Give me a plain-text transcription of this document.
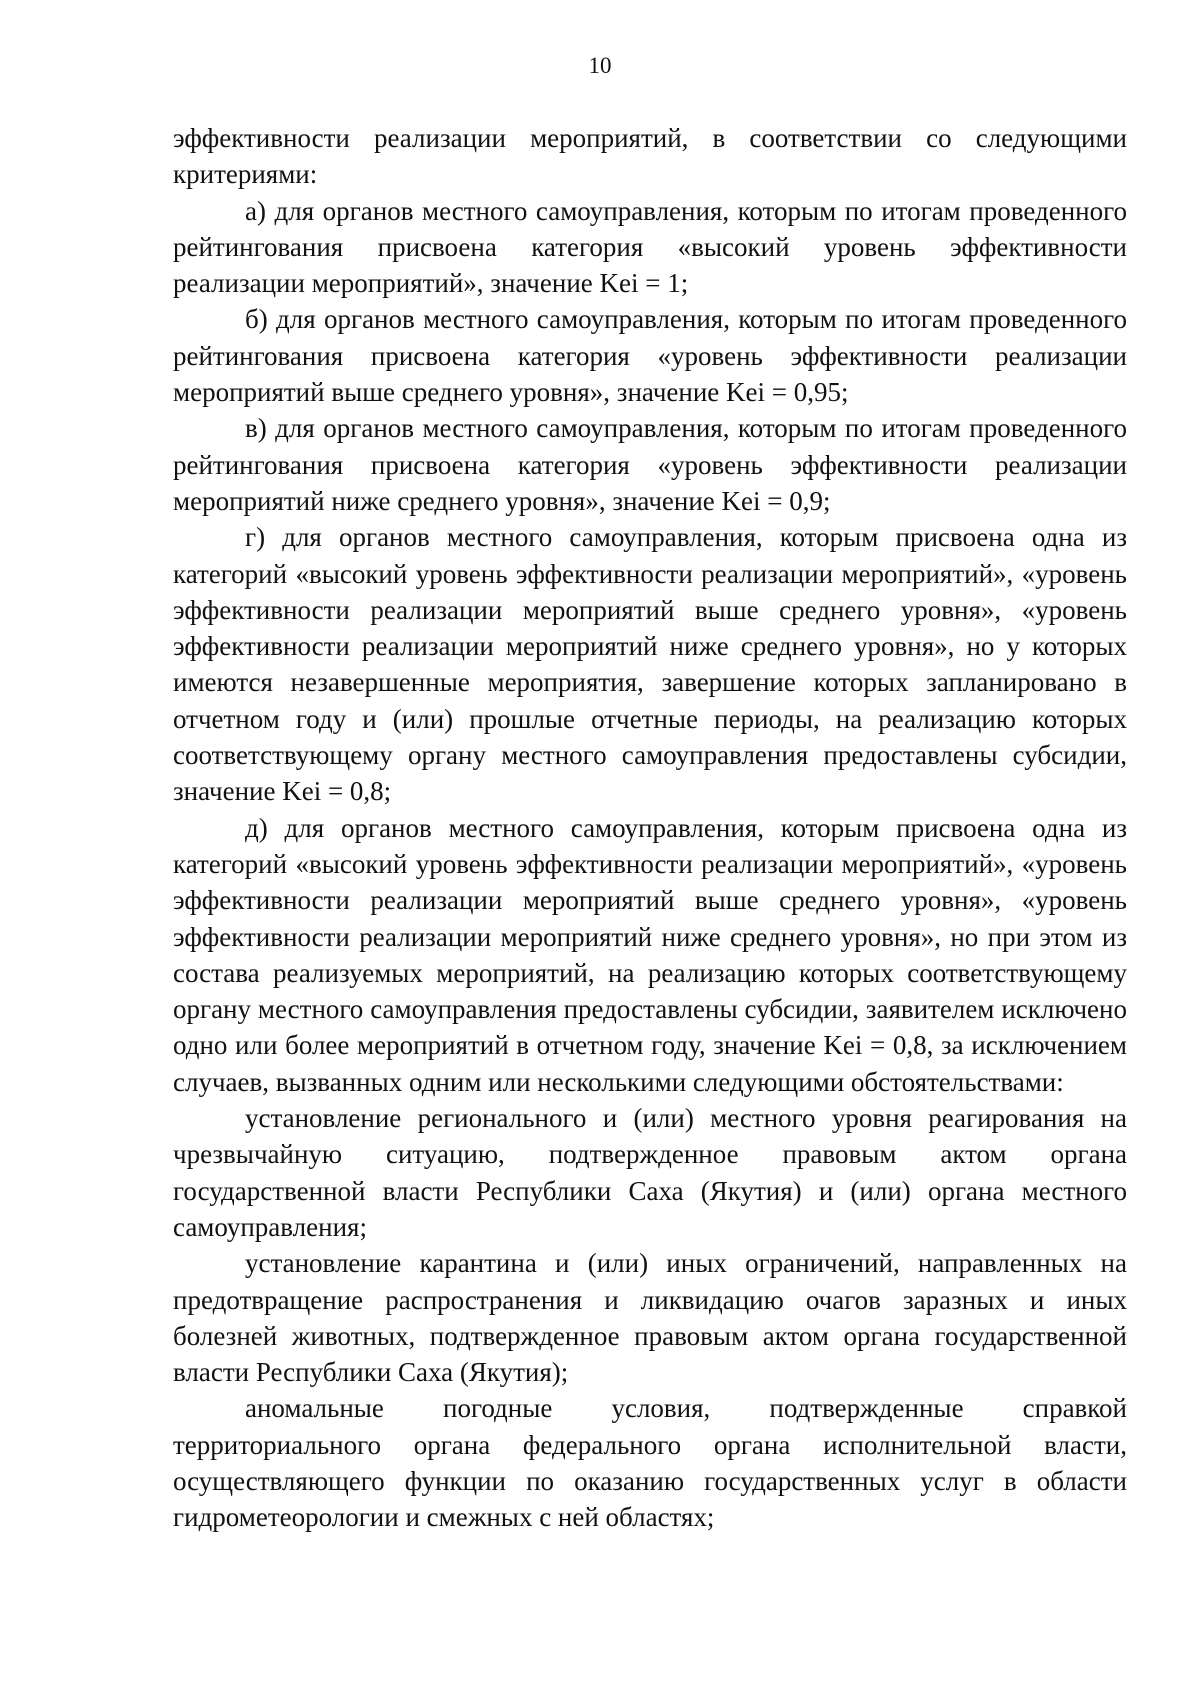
10

эффективности реализации мероприятий, в соответствии со следующими критериями:

а) для органов местного самоуправления, которым по итогам проведенного рейтингования присвоена категория «высокий уровень эффективности реализации мероприятий», значение Kei = 1;

б) для органов местного самоуправления, которым по итогам проведенного рейтингования присвоена категория «уровень эффективности реализации мероприятий выше среднего уровня», значение Kei = 0,95;

в) для органов местного самоуправления, которым по итогам проведенного рейтингования присвоена категория «уровень эффективности реализации мероприятий ниже среднего уровня», значение Kei = 0,9;

г) для органов местного самоуправления, которым присвоена одна из категорий «высокий уровень эффективности реализации мероприятий», «уровень эффективности реализации мероприятий выше среднего уровня», «уровень эффективности реализации мероприятий ниже среднего уровня», но у которых имеются незавершенные мероприятия, завершение которых запланировано в отчетном году и (или) прошлые отчетные периоды, на реализацию которых соответствующему органу местного самоуправления предоставлены субсидии, значение Kei = 0,8;

д) для органов местного самоуправления, которым присвоена одна из категорий «высокий уровень эффективности реализации мероприятий», «уровень эффективности реализации мероприятий выше среднего уровня», «уровень эффективности реализации мероприятий ниже среднего уровня», но при этом из состава реализуемых мероприятий, на реализацию которых соответствующему органу местного самоуправления предоставлены субсидии, заявителем исключено одно или более мероприятий в отчетном году, значение Kei = 0,8, за исключением случаев, вызванных одним или несколькими следующими обстоятельствами:

установление регионального и (или) местного уровня реагирования на чрезвычайную ситуацию, подтвержденное правовым актом органа государственной власти Республики Саха (Якутия) и (или) органа местного самоуправления;

установление карантина и (или) иных ограничений, направленных на предотвращение распространения и ликвидацию очагов заразных и иных болезней животных, подтвержденное правовым актом органа государственной власти Республики Саха (Якутия);

аномальные погодные условия, подтвержденные справкой территориального органа федерального органа исполнительной власти, осуществляющего функции по оказанию государственных услуг в области гидрометеорологии и смежных с ней областях;
